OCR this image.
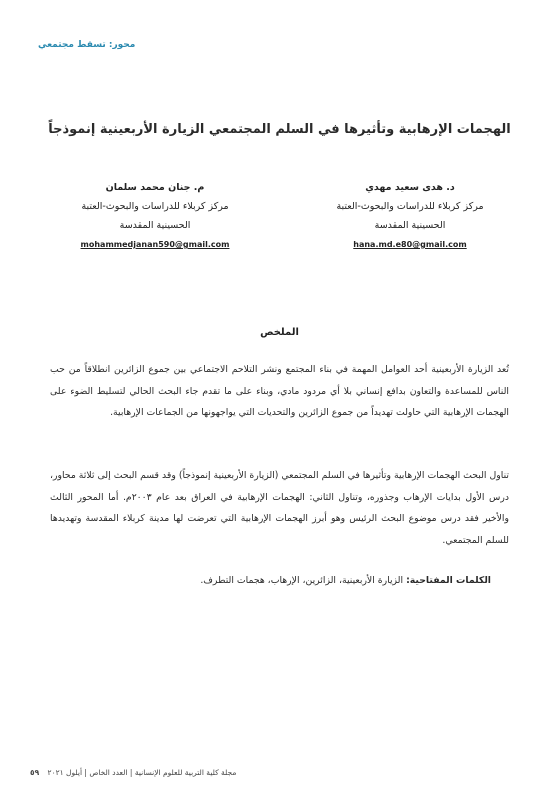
محور: تسقط مجتمعي
الهجمات الإرهابية وتأثيرها في السلم المجتمعي الزيارة الأربعينية إنموذجاً
د. هدى سعيد مهدي
مركز كربلاء للدراسات والبحوث-العتبة
الحسينية المقدسة
hana.md.e80@gmail.com
م. جنان محمد سلمان
مركز كربلاء للدراسات والبحوث-العتبة
الحسينية المقدسة
mohammedjanan590@gmail.com
الملخص

تُعد الزيارة الأربعينية أحد العوامل المهمة في بناء المجتمع ونشر التلاحم الاجتماعي بين جموع الزائرين انطلاقاً من حب الناس للمساعدة والتعاون بدافع إنساني بلا أي مردود مادي، وبناء على ما تقدم جاء البحث الحالي لتسليط الضوء على الهجمات الإرهابية التي حاولت تهديداً من جموع الزائرين والتحديات التي يواجهونها من الجماعات الإرهابية.

تناول البحث الهجمات الإرهابية وتأثيرها في السلم المجتمعي (الزيارة الأربعينية إنموذجاً) وقد قسم البحث إلى ثلاثة محاور، درس الأول بدايات الإرهاب وجذوره، وتناول الثاني: الهجمات الإرهابية في العراق بعد عام ٢٠٠٣م. أما المحور الثالث والأخير فقد درس موضوع البحث الرئيس وهو أبرز الهجمات الإرهابية التي تعرضت لها مدينة كربلاء المقدسة وتهديدها للسلم المجتمعي.

الكلمات المفتاحية: الزيارة الأربعينية، الزائرين، الإرهاب، هجمات التطرف.

مجلة كلية التربية للعلوم الإنسانية | العدد الخاص | أيلول ٢٠٢١ ٥٩
